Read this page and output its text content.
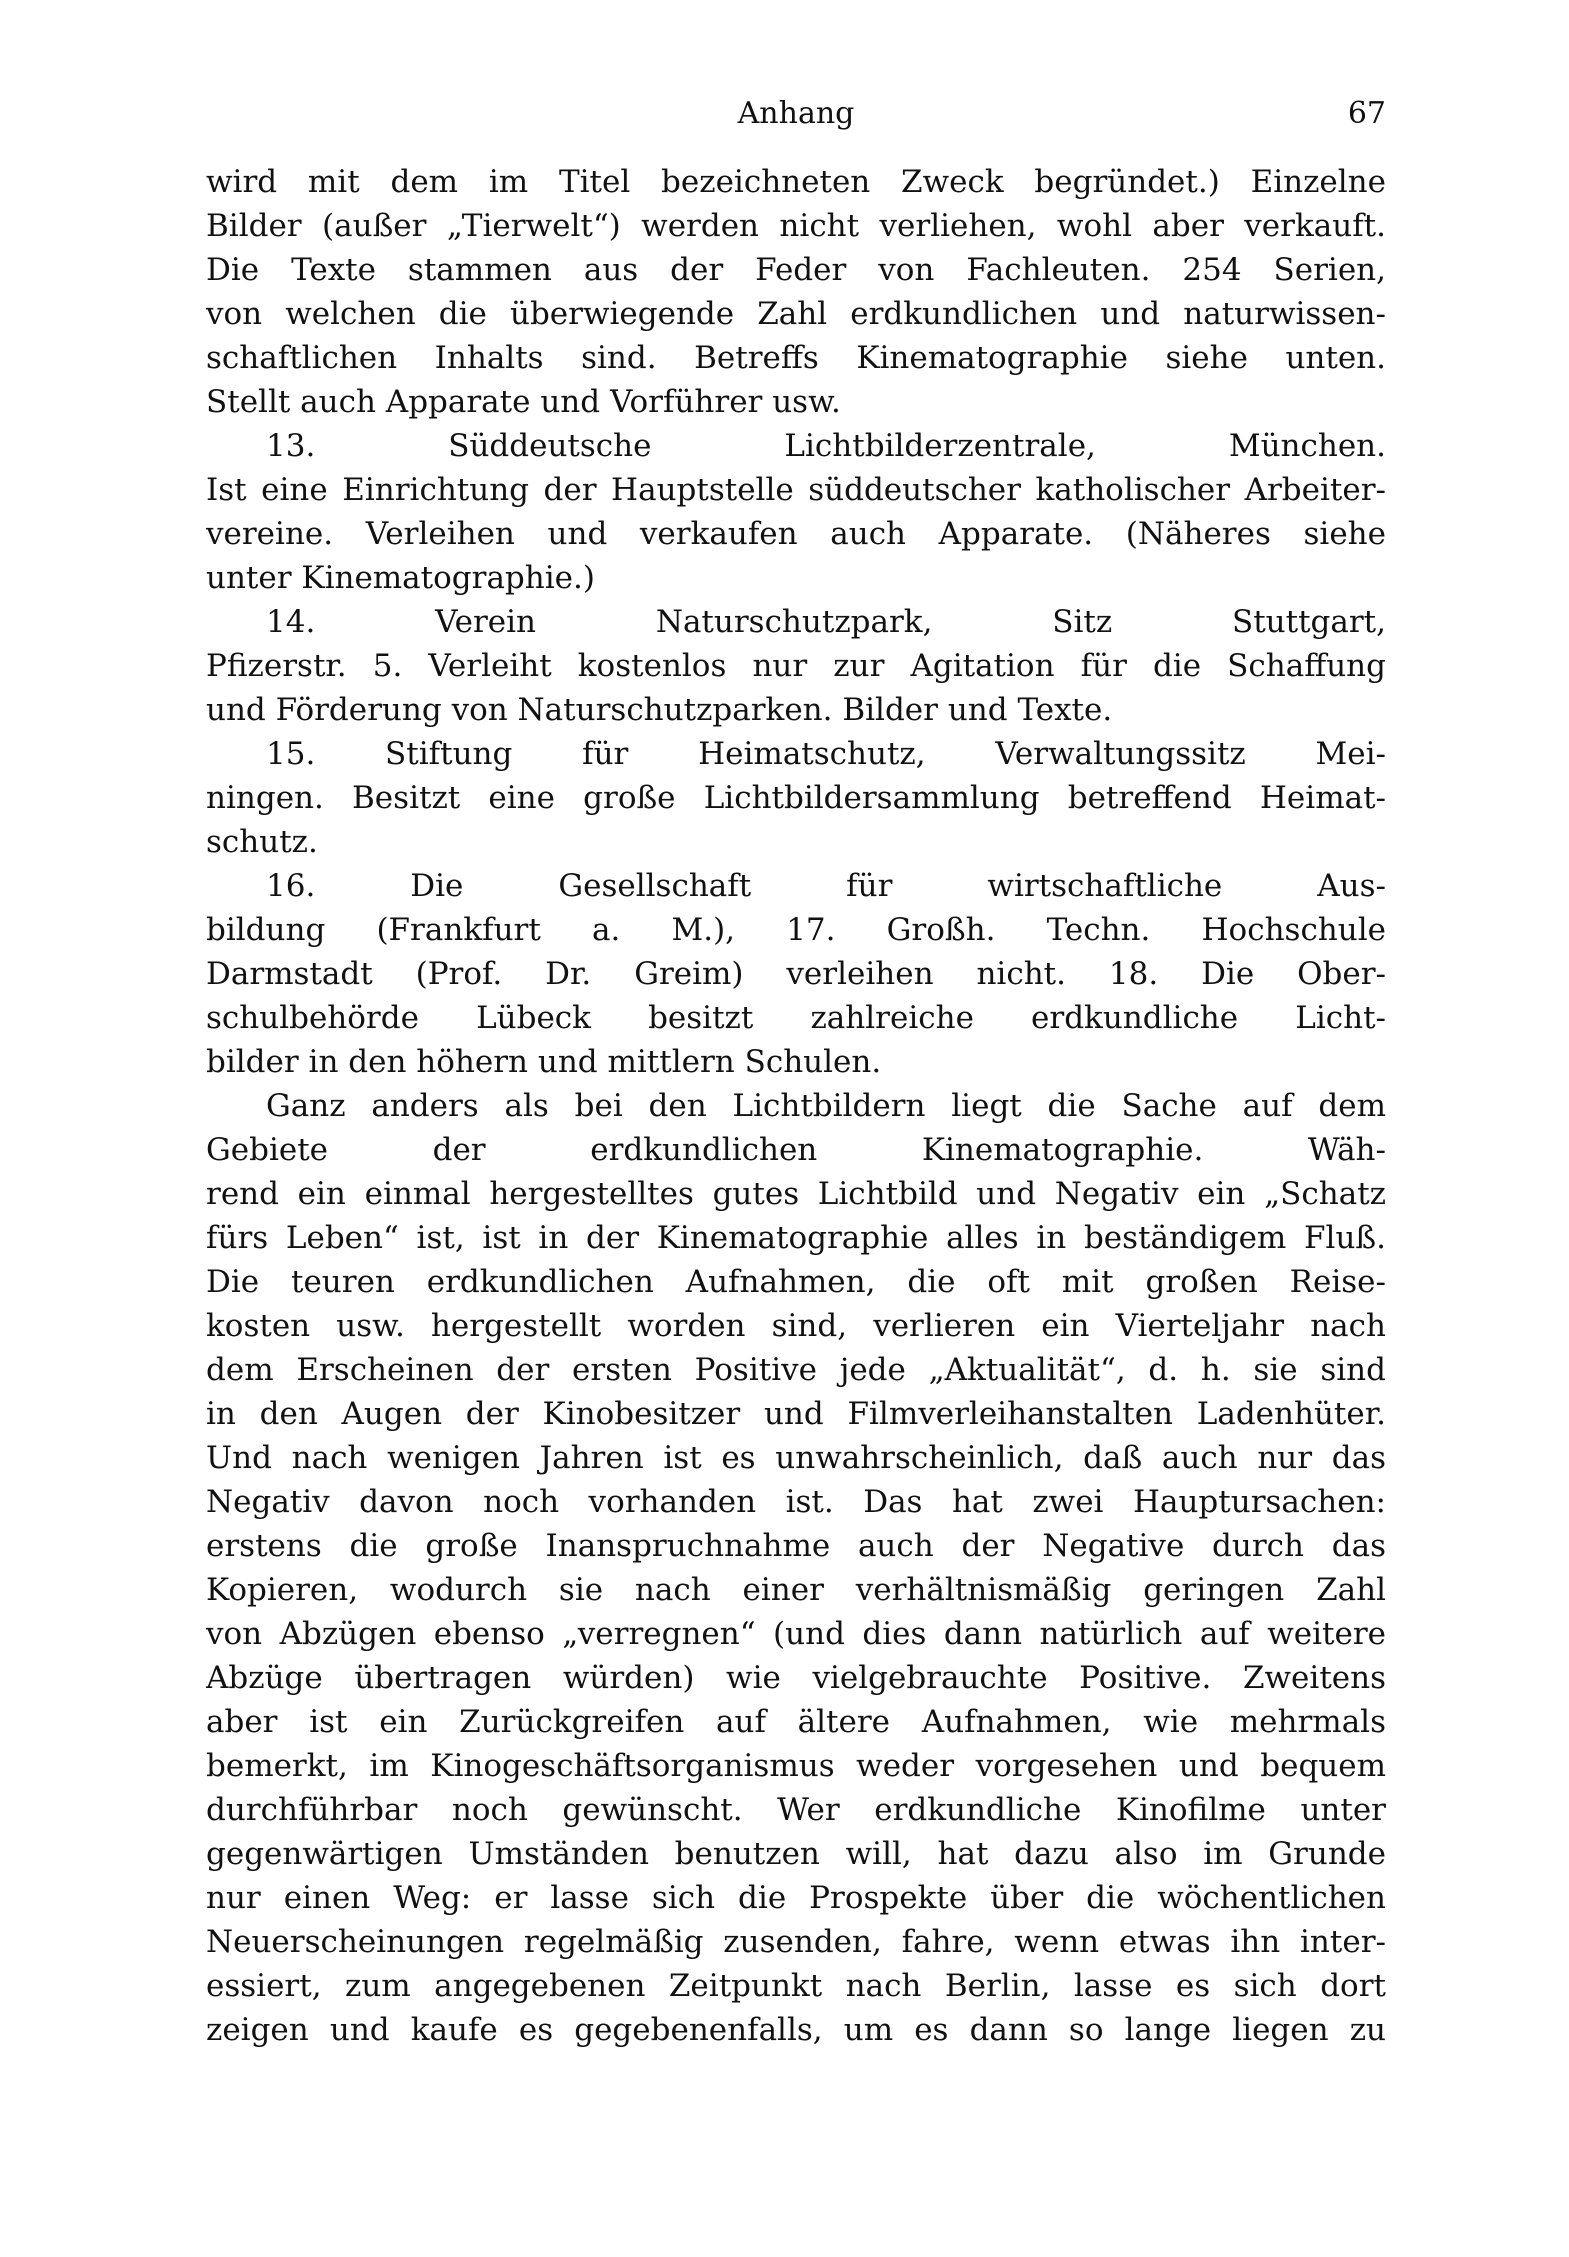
Anhang	67
wird mit dem im Titel bezeichneten Zweck begründet.) Einzelne
Bilder (außer „Tierwelt“) werden nicht verliehen, wohl aber verkauft.
Die Texte stammen aus der Feder von Fachleuten. 254 Serien,
von welchen die überwiegende Zahl erdkundlichen und naturwissen-
schaftlichen Inhalts sind. Betreffs Kinematographie siehe unten.
Stellt auch Apparate und Vorführer usw.
13. Süddeutsche Lichtbilderzentrale, München.
Ist eine Einrichtung der Hauptstelle süddeutscher katholischer Arbeiter-
vereine. Verleihen und verkaufen auch Apparate. (Näheres siehe
unter Kinematographie.)
14. Verein Naturschutzpark, Sitz Stuttgart,
Pfizerstr. 5. Verleiht kostenlos nur zur Agitation für die Schaffung
und Förderung von Naturschutzparken. Bilder und Texte.
15. Stiftung für Heimatschutz, Verwaltungssitz Mei-
ningen. Besitzt eine große Lichtbildersammlung betreffend Heimat-
schutz.
16. Die Gesellschaft für wirtschaftliche Aus-
bildung (Frankfurt a. M.), 17. Großh. Techn. Hochschule
Darmstadt (Prof. Dr. Greim) verleihen nicht. 18. Die Ober-
schulbehörde Lübeck besitzt zahlreiche erdkundliche Licht-
bilder in den höhern und mittlern Schulen.
Ganz anders als bei den Lichtbildern liegt die Sache auf dem
Gebiete der erdkundlichen Kinematographie. Wäh-
rend ein einmal hergestelltes gutes Lichtbild und Negativ ein „Schatz
fürs Leben“ ist, ist in der Kinematographie alles in beständigem Fluß.
Die teuren erdkundlichen Aufnahmen, die oft mit großen Reise-
kosten usw. hergestellt worden sind, verlieren ein Vierteljahr nach
dem Erscheinen der ersten Positive jede „Aktualität“, d. h. sie sind
in den Augen der Kinobesitzer und Filmverleihanstalten Ladenhüter.
Und nach wenigen Jahren ist es unwahrscheinlich, daß auch nur das
Negativ davon noch vorhanden ist. Das hat zwei Hauptursachen:
erstens die große Inanspruchnahme auch der Negative durch das
Kopieren, wodurch sie nach einer verhältnismäßig geringen Zahl
von Abzügen ebenso „verregnen“ (und dies dann natürlich auf weitere
Abzüge übertragen würden) wie vielgebrauchte Positive. Zweitens
aber ist ein Zurückgreifen auf ältere Aufnahmen, wie mehrmals
bemerkt, im Kinogeschäftsorganismus weder vorgesehen und bequem
durchführbar noch gewünscht. Wer erdkundliche Kinofilme unter
gegenwärtigen Umständen benutzen will, hat dazu also im Grunde
nur einen Weg: er lasse sich die Prospekte über die wöchentlichen
Neuerscheinungen regelmäßig zusenden, fahre, wenn etwas ihn inter-
essiert, zum angegebenen Zeitpunkt nach Berlin, lasse es sich dort
zeigen und kaufe es gegebenenfalls, um es dann so lange liegen zu
